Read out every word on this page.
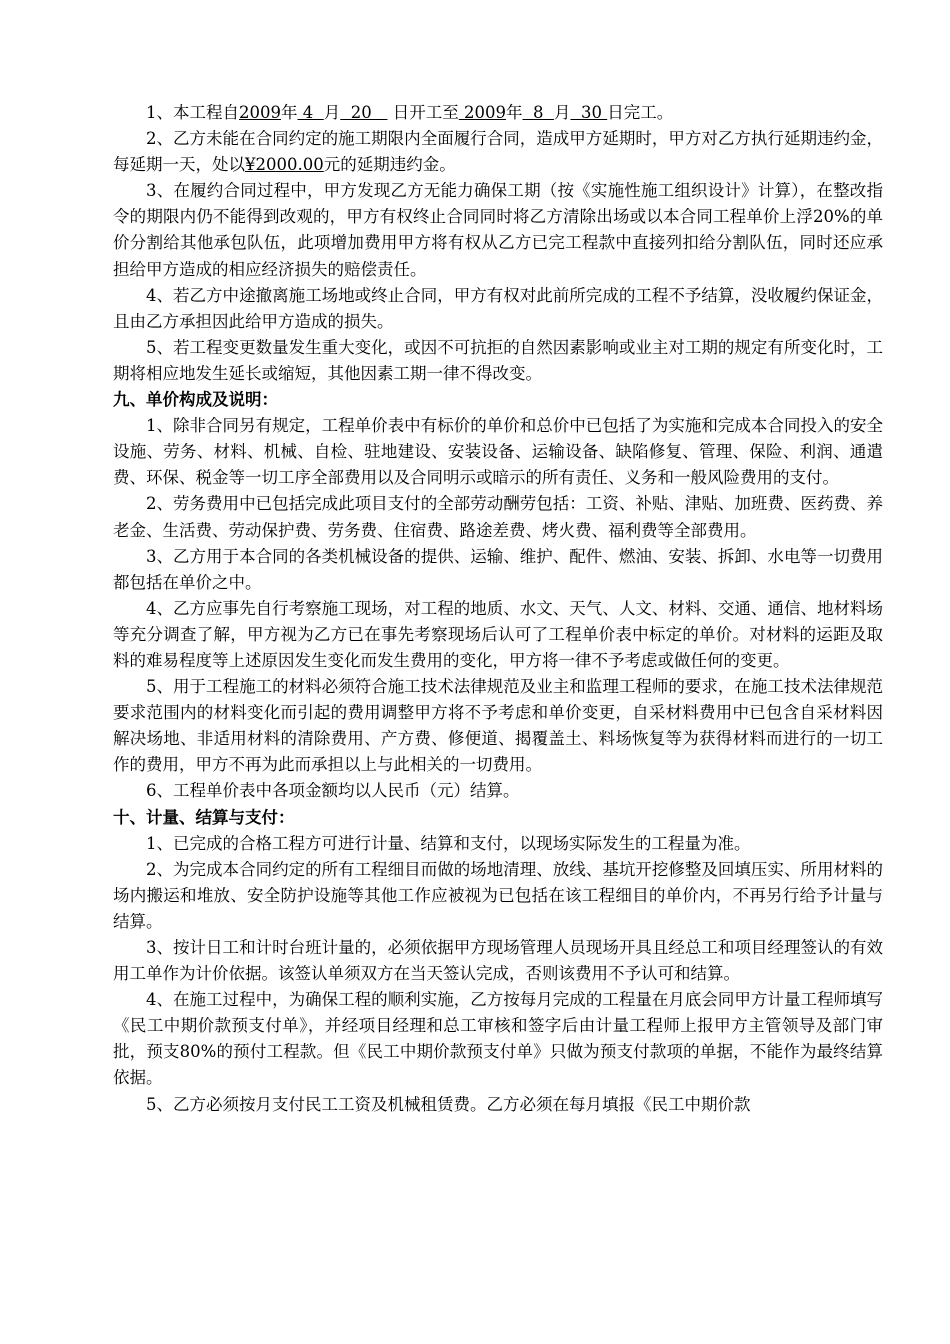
1、本工程自2009年 4  月  20    日开工至 2009年  8  月  30 日完工。

2、乙方未能在合同约定的施工期限内全面履行合同，造成甲方延期时，甲方对乙方执行延期违约金，每延期一天，处以¥2000.00元的延期违约金。

3、在履约合同过程中，甲方发现乙方无能力确保工期（按《实施性施工组织设计》计算），在整改指令的期限内仍不能得到改观的，甲方有权终止合同同时将乙方清除出场或以本合同工程单价上浮20%的单价分割给其他承包队伍，此项增加费用甲方将有权从乙方已完工程款中直接列扣给分割队伍，同时还应承担给甲方造成的相应经济损失的赔偿责任。

4、若乙方中途撤离施工场地或终止合同，甲方有权对此前所完成的工程不予结算，没收履约保证金，且由乙方承担因此给甲方造成的损失。

5、若工程变更数量发生重大变化，或因不可抗拒的自然因素影响或业主对工期的规定有所变化时，工期将相应地发生延长或缩短，其他因素工期一律不得改变。

九、单价构成及说明：

1、除非合同另有规定，工程单价表中有标价的单价和总价中已包括了为实施和完成本合同投入的安全设施、劳务、材料、机械、自检、驻地建设、安装设备、运输设备、缺陷修复、管理、保险、利润、通遣费、环保、税金等一切工序全部费用以及合同明示或暗示的所有责任、义务和一般风险费用的支付。

2、劳务费用中已包括完成此项目支付的全部劳动酬劳包括：工资、补贴、津贴、加班费、医药费、养老金、生活费、劳动保护费、劳务费、住宿费、路途差费、烤火费、福利费等全部费用。

3、乙方用于本合同的各类机械设备的提供、运输、维护、配件、燃油、安装、拆卸、水电等一切费用都包括在单价之中。

4、乙方应事先自行考察施工现场，对工程的地质、水文、天气、人文、材料、交通、通信、地材料场等充分调查了解，甲方视为乙方已在事先考察现场后认可了工程单价表中标定的单价。对材料的运距及取料的难易程度等上述原因发生变化而发生费用的变化，甲方将一律不予考虑或做任何的变更。

5、用于工程施工的材料必须符合施工技术法律规范及业主和监理工程师的要求，在施工技术法律规范要求范围内的材料变化而引起的费用调整甲方将不予考虑和单价变更，自采材料费用中已包含自采材料因解决场地、非适用材料的清除费用、产方费、修便道、揭覆盖土、料场恢复等为获得材料而进行的一切工作的费用，甲方不再为此而承担以上与此相关的一切费用。

6、工程单价表中各项金额均以人民币（元）结算。

十、计量、结算与支付：

1、已完成的合格工程方可进行计量、结算和支付，以现场实际发生的工程量为准。

2、为完成本合同约定的所有工程细目而做的场地清理、放线、基坑开挖修整及回填压实、所用材料的场内搬运和堆放、安全防护设施等其他工作应被视为已包括在该工程细目的单价内，不再另行给予计量与结算。

3、按计日工和计时台班计量的，必须依据甲方现场管理人员现场开具且经总工和项目经理签认的有效用工单作为计价依据。该签认单须双方在当天签认完成，否则该费用不予认可和结算。

4、在施工过程中，为确保工程的顺利实施，乙方按每月完成的工程量在月底会同甲方计量工程师填写《民工中期价款预支付单》，并经项目经理和总工审核和签字后由计量工程师上报甲方主管领导及部门审批，预支80%的预付工程款。但《民工中期价款预支付单》只做为预支付款项的单据，不能作为最终结算依据。

5、乙方必须按月支付民工工资及机械租赁费。乙方必须在每月填报《民工中期价款
